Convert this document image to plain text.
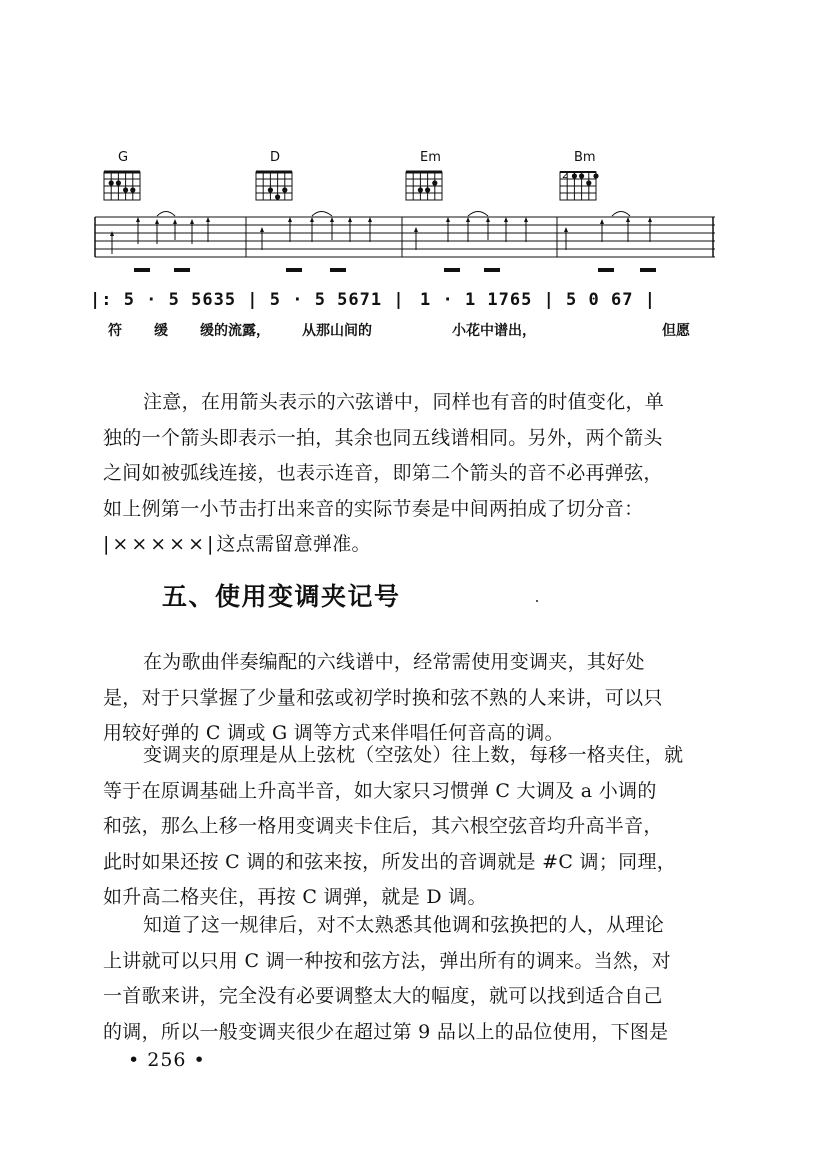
G	D	Em	Bm
2
|: 5 · 5 5635 | 5 · 5 5671 | 1 · 1 1765 | 5 0 67 |
符 缓 缓的流露， 从那山间的	小花中谱出，	但愿
注意，在用箭头表示的六弦谱中，同样也有音的时值变化，单
独的一个箭头即表示一拍，其余也同五线谱相同。另外，两个箭头
之间如被弧线连接，也表示连音，即第二个箭头的音不必再弹弦，
如上例第一小节击打出来音的实际节奏是中间两拍成了切分音：
|×××××|这点需留意弹准。
五、使用变调夹记号
在为歌曲伴奏编配的六线谱中，经常需使用变调夹，其好处
是，对于只掌握了少量和弦或初学时换和弦不熟的人来讲，可以只
用较好弹的 C 调或 G 调等方式来伴唱任何音高的调。
变调夹的原理是从上弦枕（空弦处）往上数，每移一格夹住，就
等于在原调基础上升高半音，如大家只习惯弹 C 大调及 a 小调的
和弦，那么上移一格用变调夹卡住后，其六根空弦音均升高半音，
此时如果还按 C 调的和弦来按，所发出的音调就是 #C 调；同理，
如升高二格夹住，再按 C 调弹，就是 D 调。
知道了这一规律后，对不太熟悉其他调和弦换把的人，从理论
上讲就可以只用 C 调一种按和弦方法，弹出所有的调来。当然，对
一首歌来讲，完全没有必要调整太大的幅度，就可以找到适合自己
的调，所以一般变调夹很少在超过第 9 品以上的品位使用，下图是
• 256 •
